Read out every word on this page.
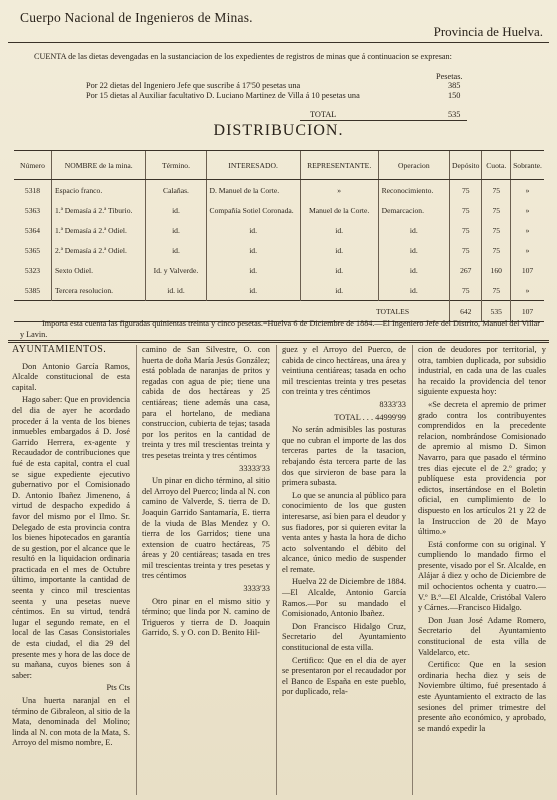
Cuerpo Nacional de Ingenieros de Minas.
Provincia de Huelva.
CUENTA de las dietas devengadas en la sustanciacion de los expedientes de registros de minas que á continuacion se expresan:
Pesetas.
Por 22 dietas del Ingeniero Jefe que suscribe á 17'50 pesetas una	385
Por 15 dietas al Auxiliar facultativo D. Luciano Martinez de Villa á 10 pesetas una	150
TOTAL	535
DISTRIBUCION.
Número	NOMBRE de la mina.	Término.	INTERESADO.	REPRESENTANTE.	Operacion	Depósito	Cuota.	Sobrante.
5318	Espacio franco.	Calañas.	D. Manuel de la Corte.	»	Reconocimiento.	75	75	»
5363	1.ª Demasía á 2.ª Tiburio.	id.	Compañía Sotiel Coronada.	Manuel de la Corte.	Demarcacion.	75	75	»
5364	1.ª Demasía á 2.ª Odiel.	id.	id.	id.	id.	75	75	»
5365	2.ª Demasía á 2.ª Odiel.	id.	id.	id.	id.	75	75	»
5323	Sexto Odiel.	Id. y Valverde.	id.	id.	id.	267	160	107
5385	Tercera resolucion.	id. id.	id.	id.	id.	75	75	»
TOTALES						642	535	107
Importa esta cuenta las figuradas quinientas treinta y cinco pesetas.=Huelva 6 de Diciembre de 1884.—El Ingeniero Jefe del Distrito, Manuel del Villar y Lavin.

AYUNTAMIENTOS.

Don Antonio García Ramos, Alcalde constitucional de esta capital.

Hago saber: Que en providencia del dia de ayer he acordado proceder á la venta de los bienes inmuebles embargados á D. José Garrido Herrera, ex-agente y Recaudador de contribuciones que fué de esta capital, contra el cual se sigue expediente ejecutivo gubernativo por el Comisionado D. Antonio Ibañez Jimeneno, á virtud de despacho expedido á favor del mismo por el Ilmo. Sr. Delegado de esta provincia contra los bienes hipotecados en garantía de su gestion, por el alcance que le resultó en la liquidacion ordinaria practicada en el mes de Octubre último, importante la cantidad de seenta y cinco mil trescientas seenta y una pesetas nueve céntimos. En su virtud, tendrá lugar el segundo remate, en el local de las Casas Consistoriales de esta ciudad, el dia 29 del presente mes y hora de las doce de su mañana, cuyos bienes son á saber:

Pts Cts

Una huerta naranjal en el término de Gibraleon, al sitio de la Mata, denominada del Molino; linda al N. con mota de la Mata, S. Arroyo del mismo nombre, E.

camino de San Silvestre, O. con huerta de doña María Jesús González; está poblada de naranjas de pritos y regadas con agua de pie; tiene una cabida de dos hectáreas y 25 centiáreas; tiene además una casa, para el hortelano, de mediana construccion, cubierta de tejas; tasada por los peritos en la cantidad de treinta y tres mil trescientas treinta y tres pesetas treinta y tres céntimos

33333'33

Un pinar en dicho término, al sitio del Arroyo del Puerco; linda al N. con camino de Valverde, S. tierra de D. Joaquin Garrido Santamaría, E. tierra de la viuda de Blas Mendez y O. tierra de los Garridos; tiene una extension de cuatro hectáreas, 75 áreas y 20 centiáreas; tasada en tres mil trescientas treinta y tres pesetas y tres céntimos

3333'33

Otro pinar en el mismo sitio y término; que linda por N. camino de Trigueros y tierra de D. Joaquin Garrido, S. y O. con D. Benito Hil-

guez y el Arroyo del Puerco, de cabida de cinco hectáreas, una área y veintiuna centiáreas; tasada en ocho mil trescientas treinta y tres pesetas con treinta y tres céntimos

8333'33

TOTAL . . . 44999'99

No serán admisibles las posturas que no cubran el importe de las dos terceras partes de la tasacion, rebajando ésta tercera parte de las dos que sirvieron de base para la primera subasta.

Lo que se anuncia al público para conocimiento de los que gusten interesarse, así bien para el deudor y sus fiadores, por si quieren evitar la venta antes y hasta la hora de dicho acto solventando el débito del alcance, único medio de suspender el remate.

Huelva 22 de Diciembre de 1884.—El Alcalde, Antonio García Ramos.—Por su mandado el Comisionado, Antonio Ibañez.

Don Francisco Hidalgo Cruz, Secretario del Ayuntamiento constitucional de esta villa.

Certifico: Que en el dia de ayer se presentaron por el recaudador por el Banco de España en este pueblo, por duplicado, rela-

cion de deudores por territorial, y otra, tambien duplicada, por subsidio industrial, en cada una de las cuales ha recaido la providencia del tenor siguiente expuesta hoy:

«Se decreta el apremio de primer grado contra los contribuyentes comprendidos en la precedente relacion, nombrándose Comisionado de apremio al mismo D. Simon Navarro, para que pasado el término tres dias ejecute el de 2.º grado; y publíquese esta providencia por edictos, insertándose en el Boletin oficial, en cumplimiento de lo dispuesto en los artículos 21 y 22 de la Instruccion de 20 de Mayo último.»

Está conforme con su original. Y cumpliendo lo mandado firmo el presente, visado por el Sr. Alcalde, en Alájar á diez y ocho de Diciembre de mil ochocientos ochenta y cuatro.—V.º B.º—El Alcalde, Cristóbal Valero y Cárnes.—Francisco Hidalgo.

Don Juan José Adame Romero, Secretario del Ayuntamiento constitucional de esta villa de Valdelarco, etc.

Certifico: Que en la sesion ordinaria hecha diez y seis de Noviembre último, fué presentado á este Ayuntamiento el extracto de las sesiones del primer trimestre del presente año económico, y aprobado, se mandó expedir la
